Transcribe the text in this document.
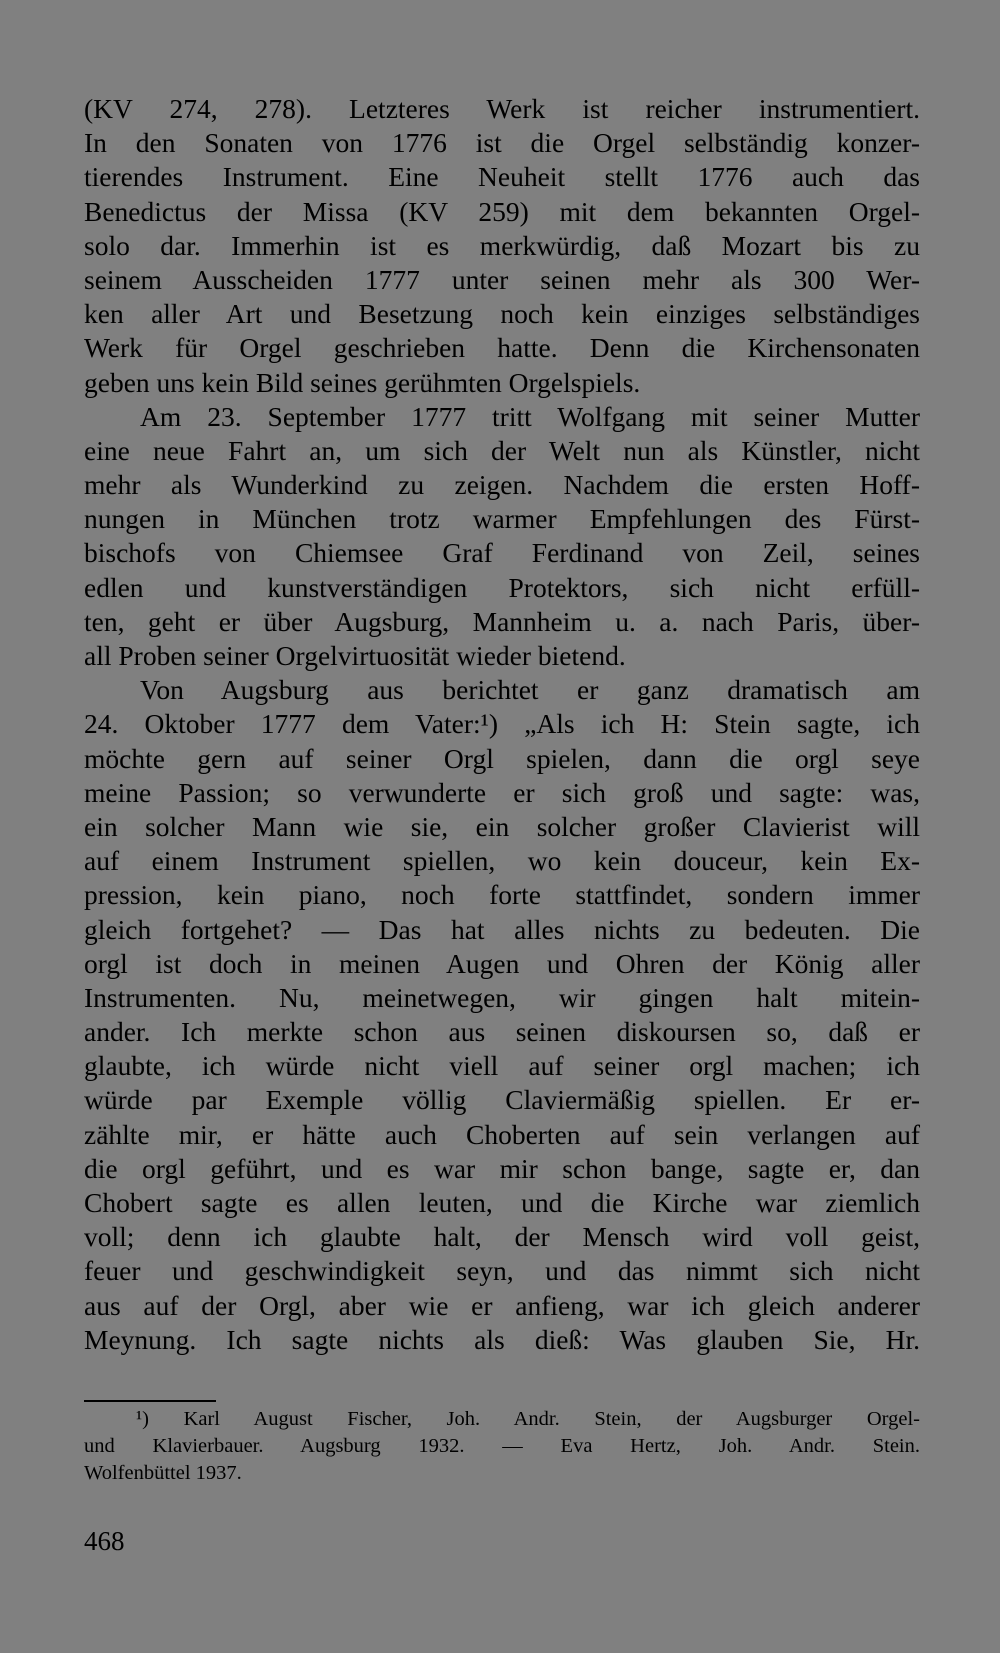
(KV 274, 278). Letzteres Werk ist reicher instrumentiert.
In den Sonaten von 1776 ist die Orgel selbständig konzer-
tierendes Instrument. Eine Neuheit stellt 1776 auch das
Benedictus der Missa (KV 259) mit dem bekannten Orgel-
solo dar. Immerhin ist es merkwürdig, daß Mozart bis zu
seinem Ausscheiden 1777 unter seinen mehr als 300 Wer-
ken aller Art und Besetzung noch kein einziges selbständiges
Werk für Orgel geschrieben hatte. Denn die Kirchensonaten
geben uns kein Bild seines gerühmten Orgelspiels.
Am 23. September 1777 tritt Wolfgang mit seiner Mutter
eine neue Fahrt an, um sich der Welt nun als Künstler, nicht
mehr als Wunderkind zu zeigen. Nachdem die ersten Hoff-
nungen in München trotz warmer Empfehlungen des Fürst-
bischofs von Chiemsee Graf Ferdinand von Zeil, seines
edlen und kunstverständigen Protektors, sich nicht erfüll-
ten, geht er über Augsburg, Mannheim u. a. nach Paris, über-
all Proben seiner Orgelvirtuosität wieder bietend.
Von Augsburg aus berichtet er ganz dramatisch am
24. Oktober 1777 dem Vater:¹) „Als ich H: Stein sagte, ich
möchte gern auf seiner Orgl spielen, dann die orgl seye
meine Passion; so verwunderte er sich groß und sagte: was,
ein solcher Mann wie sie, ein solcher großer Clavierist will
auf einem Instrument spiellen, wo kein douceur, kein Ex-
pression, kein piano, noch forte stattfindet, sondern immer
gleich fortgehet? — Das hat alles nichts zu bedeuten. Die
orgl ist doch in meinen Augen und Ohren der König aller
Instrumenten. Nu, meinetwegen, wir gingen halt mitein-
ander. Ich merkte schon aus seinen diskoursen so, daß er
glaubte, ich würde nicht viell auf seiner orgl machen; ich
würde par Exemple völlig Claviermäßig spiellen. Er er-
zählte mir, er hätte auch Choberten auf sein verlangen auf
die orgl geführt, und es war mir schon bange, sagte er, dan
Chobert sagte es allen leuten, und die Kirche war ziemlich
voll; denn ich glaubte halt, der Mensch wird voll geist,
feuer und geschwindigkeit seyn, und das nimmt sich nicht
aus auf der Orgl, aber wie er anfieng, war ich gleich anderer
Meynung. Ich sagte nichts als dieß: Was glauben Sie, Hr.
¹) Karl August Fischer, Joh. Andr. Stein, der Augsburger Orgel-
und Klavierbauer. Augsburg 1932. — Eva Hertz, Joh. Andr. Stein.
Wolfenbüttel 1937.
468
